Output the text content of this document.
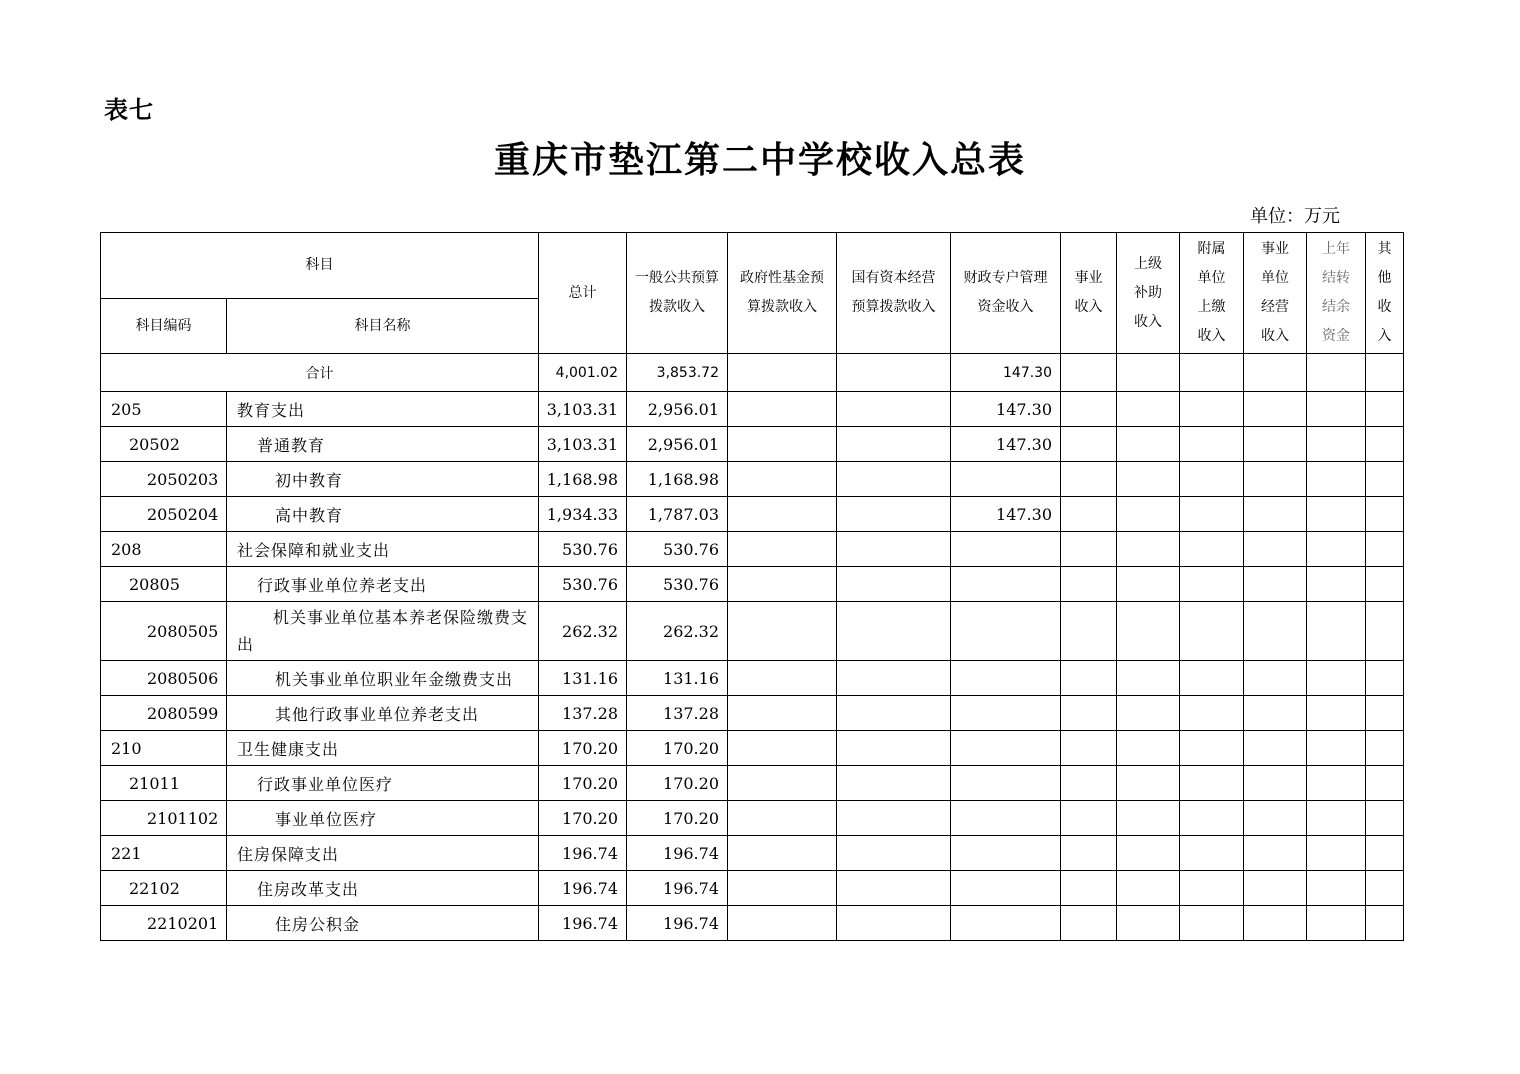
表七
重庆市垫江第二中学校收入总表
单位：万元
科目		总计	一般公共预算拨款收入	政府性基金预算拨款收入	国有资本经营预算拨款收入	财政专户管理资金收入	事业收入	上级补助收入	附属单位上缴收入	事业单位经营收入	上年结转结余资金	其他收入
科目编码	科目名称											
合计		4,001.02	3,853.72			147.30						
205	教育支出	3,103.31	2,956.01			147.30						
20502	普通教育	3,103.31	2,956.01			147.30						
2050203	初中教育	1,168.98	1,168.98									
2050204	高中教育	1,934.33	1,787.03			147.30						
208	社会保障和就业支出	530.76	530.76									
20805	行政事业单位养老支出	530.76	530.76									
2080505	机关事业单位基本养老保险缴费支出	262.32	262.32									
2080506	机关事业单位职业年金缴费支出	131.16	131.16									
2080599	其他行政事业单位养老支出	137.28	137.28									
210	卫生健康支出	170.20	170.20									
21011	行政事业单位医疗	170.20	170.20									
2101102	事业单位医疗	170.20	170.20									
221	住房保障支出	196.74	196.74									
22102	住房改革支出	196.74	196.74									
2210201	住房公积金	196.74	196.74									
